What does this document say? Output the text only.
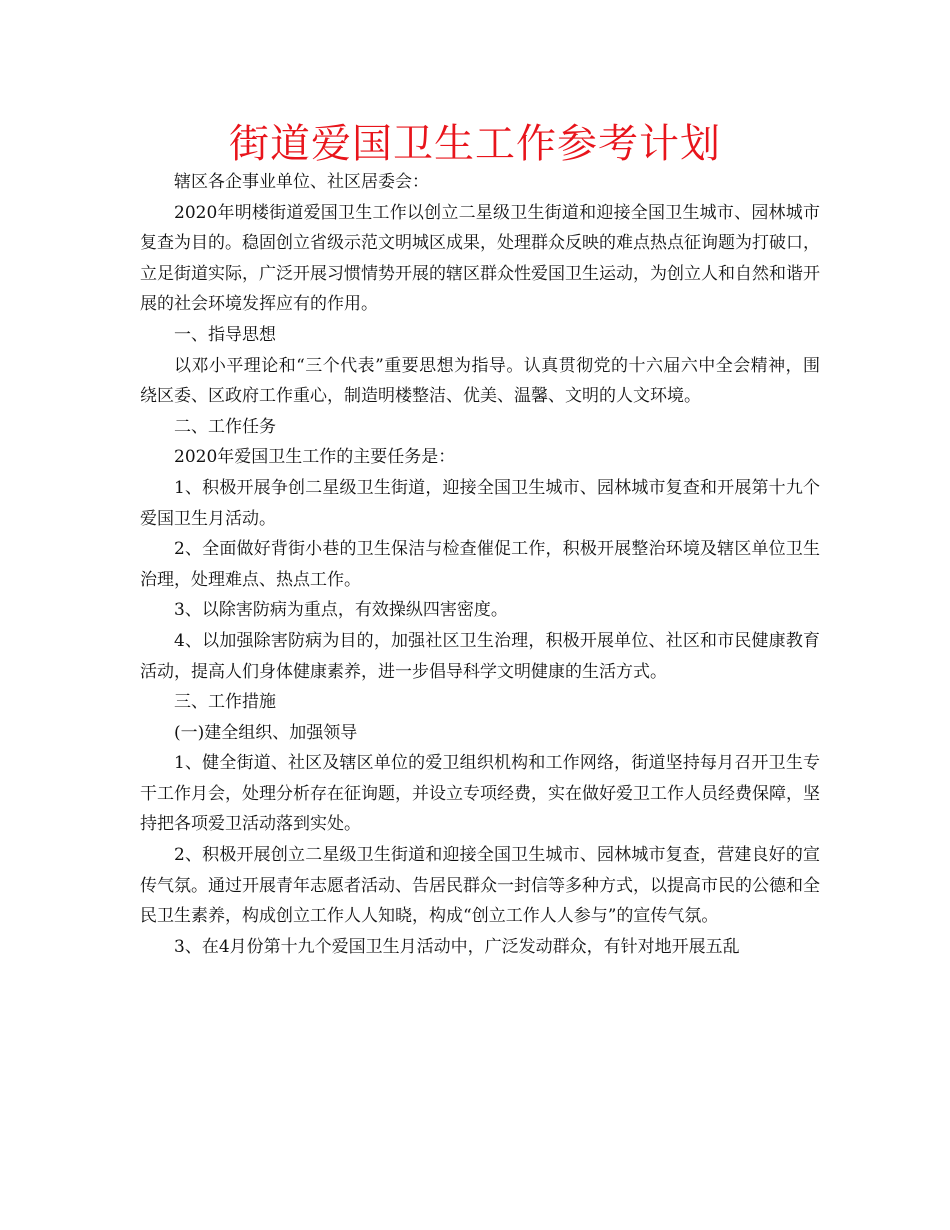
街道爱国卫生工作参考计划

辖区各企事业单位、社区居委会：

2020年明楼街道爱国卫生工作以创立二星级卫生街道和迎接全国卫生城市、园林城市复查为目的。稳固创立省级示范文明城区成果，处理群众反映的难点热点征询题为打破口，立足街道实际，广泛开展习惯情势开展的辖区群众性爱国卫生运动，为创立人和自然和谐开展的社会环境发挥应有的作用。

一、指导思想

以邓小平理论和“三个代表”重要思想为指导。认真贯彻党的十六届六中全会精神，围绕区委、区政府工作重心，制造明楼整洁、优美、温馨、文明的人文环境。

二、工作任务

2020年爱国卫生工作的主要任务是：

1、积极开展争创二星级卫生街道，迎接全国卫生城市、园林城市复查和开展第十九个爱国卫生月活动。

2、全面做好背街小巷的卫生保洁与检查催促工作，积极开展整治环境及辖区单位卫生治理，处理难点、热点工作。

3、以除害防病为重点，有效操纵四害密度。

4、以加强除害防病为目的，加强社区卫生治理，积极开展单位、社区和市民健康教育活动，提高人们身体健康素养，进一步倡导科学文明健康的生活方式。

三、工作措施

(一)建全组织、加强领导

1、健全街道、社区及辖区单位的爱卫组织机构和工作网络，街道坚持每月召开卫生专干工作月会，处理分析存在征询题，并设立专项经费，实在做好爱卫工作人员经费保障，坚持把各项爱卫活动落到实处。

2、积极开展创立二星级卫生街道和迎接全国卫生城市、园林城市复查，营建良好的宣传气氛。通过开展青年志愿者活动、告居民群众一封信等多种方式，以提高市民的公德和全民卫生素养，构成创立工作人人知晓，构成“创立工作人人参与”的宣传气氛。

3、在4月份第十九个爱国卫生月活动中，广泛发动群众，有针对地开展五乱
